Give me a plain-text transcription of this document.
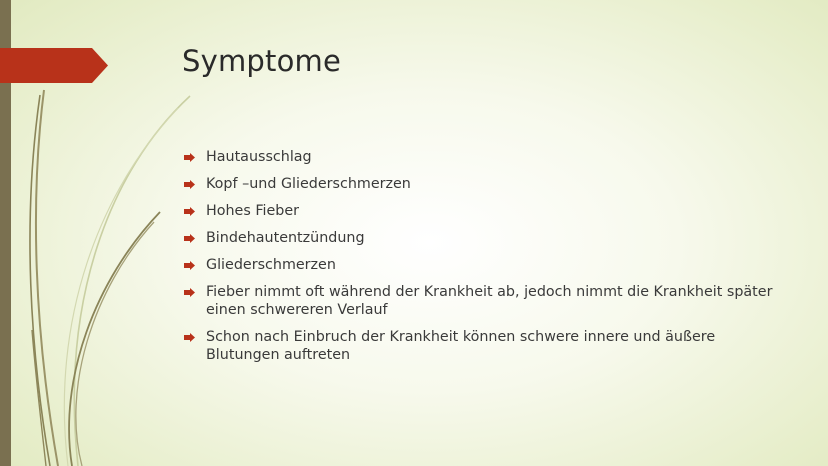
Symptome
Hautausschlag
Kopf –und Gliederschmerzen
Hohes Fieber
Bindehautentzündung
Gliederschmerzen
Fieber nimmt oft während der Krankheit ab, jedoch nimmt die Krankheit später einen schwereren Verlauf
Schon nach Einbruch der Krankheit können schwere innere und äußere Blutungen auftreten
